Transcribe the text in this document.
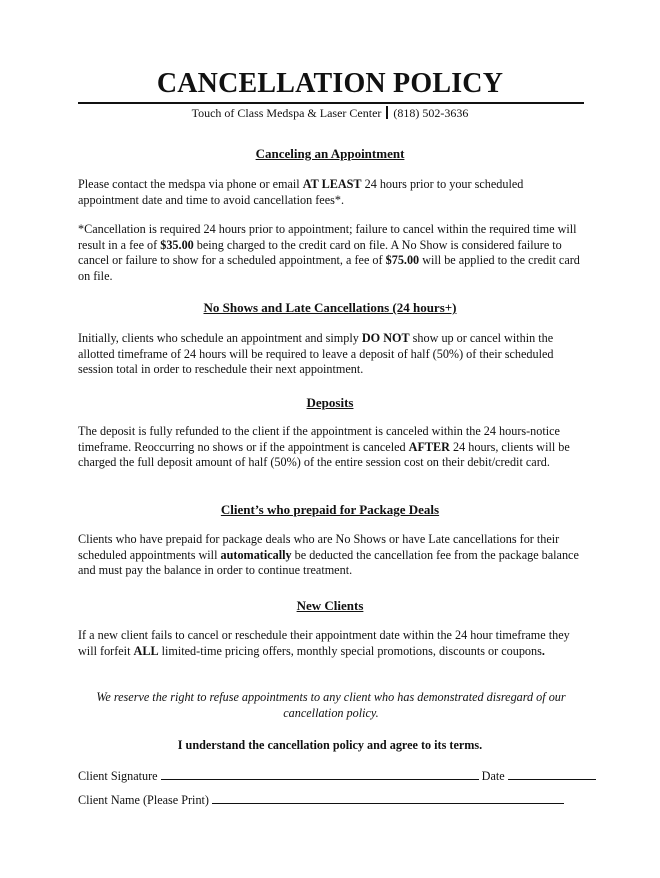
CANCELLATION POLICY
Touch of Class Medspa & Laser Center (818) 502-3636
Canceling an Appointment

Please contact the medspa via phone or email AT LEAST 24 hours prior to your scheduled appointment date and time to avoid cancellation fees*.

*Cancellation is required 24 hours prior to appointment; failure to cancel within the required time will result in a fee of $35.00 being charged to the credit card on file. A No Show is considered failure to cancel or failure to show for a scheduled appointment, a fee of $75.00 will be applied to the credit card on file.

No Shows and Late Cancellations (24 hours+)

Initially, clients who schedule an appointment and simply DO NOT show up or cancel within the allotted timeframe of 24 hours will be required to leave a deposit of half (50%) of their scheduled session total in order to reschedule their next appointment.

Deposits

The deposit is fully refunded to the client if the appointment is canceled within the 24 hours-notice timeframe. Reoccurring no shows or if the appointment is canceled AFTER 24 hours, clients will be charged the full deposit amount of half (50%) of the entire session cost on their debit/credit card.

Client’s who prepaid for Package Deals

Clients who have prepaid for package deals who are No Shows or have Late cancellations for their scheduled appointments will automatically be deducted the cancellation fee from the package balance and must pay the balance in order to continue treatment.

New Clients

If a new client fails to cancel or reschedule their appointment date within the 24 hour timeframe they will forfeit ALL limited-time pricing offers, monthly special promotions, discounts or coupons.

We reserve the right to refuse appointments to any client who has demonstrated disregard of our cancellation policy.
I understand the cancellation policy and agree to its terms.
Client Signature	Date
Client Name (Please Print)
